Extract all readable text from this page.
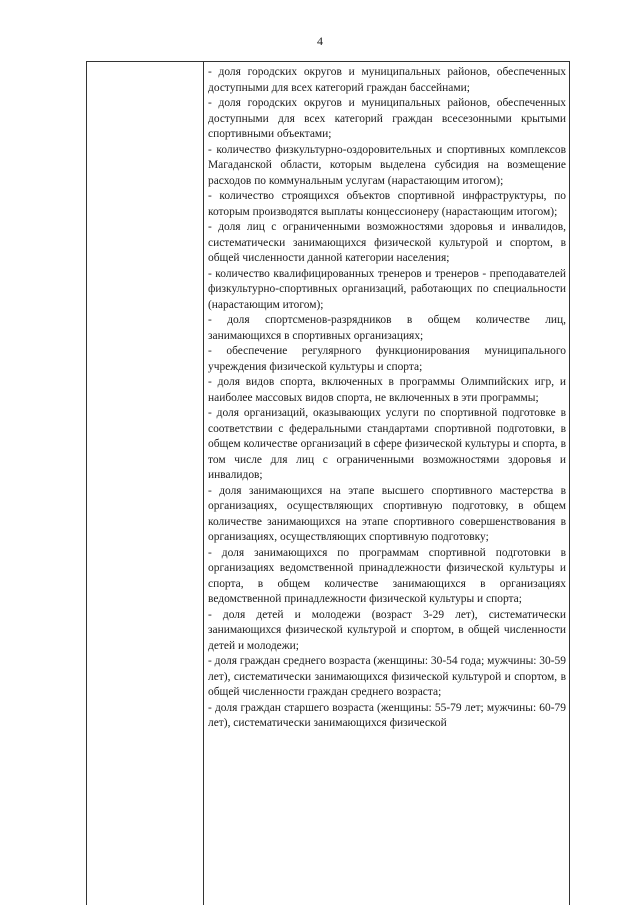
4

- доля городских округов и муниципальных районов, обеспеченных доступными для всех категорий граждан бассейнами;

- доля городских округов и муниципальных районов, обеспеченных доступными для всех категорий граждан всесезонными крытыми спортивными объектами;

- количество физкультурно-оздоровительных и спортивных комплексов Магаданской области, которым выделена субсидия на возмещение расходов по коммунальным услугам (нарастающим итогом);

- количество строящихся объектов спортивной инфраструктуры, по которым производятся выплаты концессионеру (нарастающим итогом);

- доля лиц с ограниченными возможностями здоровья и инвалидов, систематически занимающихся физической культурой и спортом, в общей численности данной категории населения;

- количество квалифицированных тренеров и тренеров - преподавателей физкультурно-спортивных организаций, работающих по специальности (нарастающим итогом);

- доля спортсменов-разрядников в общем количестве лиц, занимающихся в спортивных организациях;

- обеспечение регулярного функционирования муниципального учреждения физической культуры и спорта;

- доля видов спорта, включенных в программы Олимпийских игр, и наиболее массовых видов спорта, не включенных в эти программы;

- доля организаций, оказывающих услуги по спортивной подготовке в соответствии с федеральными стандартами спортивной подготовки, в общем количестве организаций в сфере физической культуры и спорта, в том числе для лиц с ограниченными возможностями здоровья и инвалидов;

- доля занимающихся на этапе высшего спортивного мастерства в организациях, осуществляющих спортивную подготовку, в общем количестве занимающихся на этапе спортивного совершенствования в организациях, осуществляющих спортивную подготовку;

- доля занимающихся по программам спортивной подготовки в организациях ведомственной принадлежности физической культуры и спорта, в общем количестве занимающихся в организациях ведомственной принадлежности физической культуры и спорта;

- доля детей и молодежи (возраст 3-29 лет), систематически занимающихся физической культурой и спортом, в общей численности детей и молодежи;

- доля граждан среднего возраста (женщины: 30-54 года; мужчины: 30-59 лет), систематически занимающихся физической культурой и спортом, в общей численности граждан среднего возраста;

- доля граждан старшего возраста (женщины: 55-79 лет; мужчины: 60-79 лет), систематически занимающихся физической
